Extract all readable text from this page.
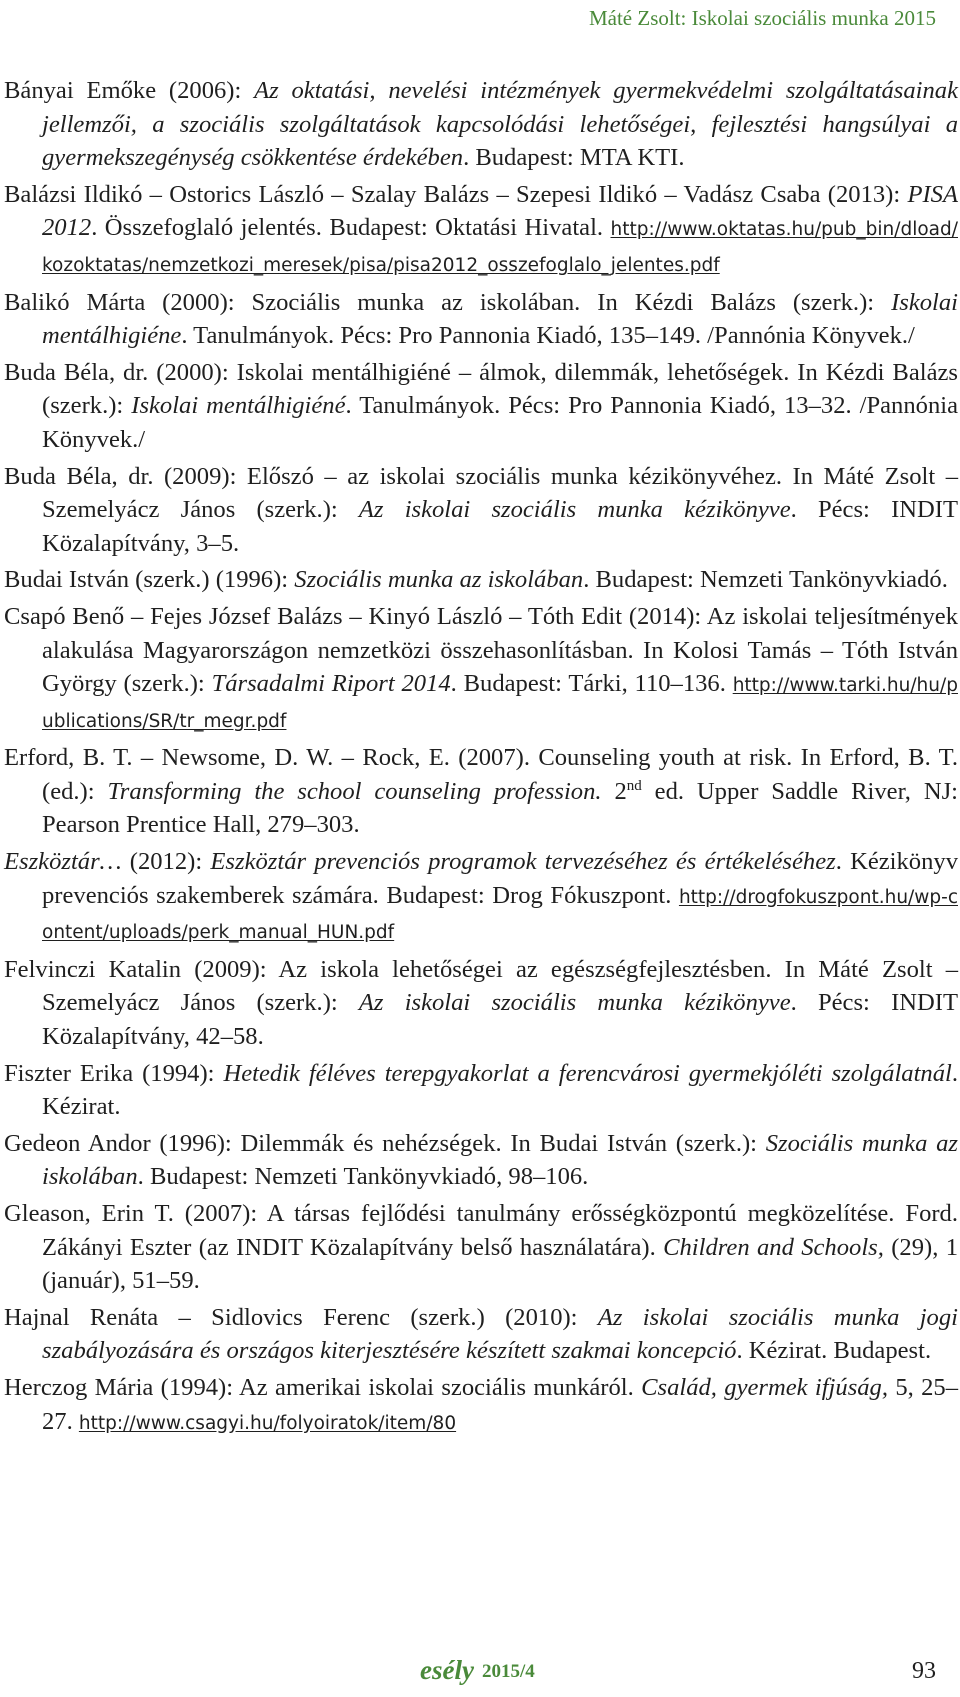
Máté Zsolt: Iskolai szociális munka 2015

Bányai Emőke (2006): Az oktatási, nevelési intézmények gyermekvédelmi szolgáltatásainak jellemzői, a szociális szolgáltatások kapcsolódási lehetőségei, fejlesztési hangsúlyai a gyermekszegénység csökkentése érdekében. Budapest: MTA KTI.

Balázsi Ildikó – Ostorics László – Szalay Balázs – Szepesi Ildikó – Vadász Csaba (2013): PISA 2012. Összefoglaló jelentés. Budapest: Oktatási Hivatal. http://www.oktatas.hu/pub_bin/dload/kozoktatas/nemzetkozi_meresek/pisa/pisa2012_osszefoglalo_jelentes.pdf

Balikó Márta (2000): Szociális munka az iskolában. In Kézdi Balázs (szerk.): Iskolai mentálhigiéne. Tanulmányok. Pécs: Pro Pannonia Kiadó, 135–149. /Pannónia Könyvek./

Buda Béla, dr. (2000): Iskolai mentálhigiéné – álmok, dilemmák, lehetőségek. In Kézdi Balázs (szerk.): Iskolai mentálhigiéné. Tanulmányok. Pécs: Pro Pannonia Kiadó, 13–32. /Pannónia Könyvek./

Buda Béla, dr. (2009): Előszó – az iskolai szociális munka kézikönyvéhez. In Máté Zsolt – Szemelyácz János (szerk.): Az iskolai szociális munka kézikönyve. Pécs: INDIT Közalapítvány, 3–5.

Budai István (szerk.) (1996): Szociális munka az iskolában. Budapest: Nemzeti Tankönyvkiadó.

Csapó Benő – Fejes József Balázs – Kinyó László – Tóth Edit (2014): Az iskolai teljesítmények alakulása Magyarországon nemzetközi összehasonlításban. In Kolosi Tamás – Tóth István György (szerk.): Társadalmi Riport 2014. Budapest: Tárki, 110–136. http://www.tarki.hu/hu/publications/SR/tr_megr.pdf

Erford, B. T. – Newsome, D. W. – Rock, E. (2007). Counseling youth at risk. In Erford, B. T. (ed.): Transforming the school counseling profession. 2nd ed. Upper Saddle River, NJ: Pearson Prentice Hall, 279–303.

Eszköztár… (2012): Eszköztár prevenciós programok tervezéséhez és értékeléséhez. Kézikönyv prevenciós szakemberek számára. Budapest: Drog Fókuszpont. http://drogfokuszpont.hu/wp-content/uploads/perk_manual_HUN.pdf

Felvinczi Katalin (2009): Az iskola lehetőségei az egészségfejlesztésben. In Máté Zsolt – Szemelyácz János (szerk.): Az iskolai szociális munka kézikönyve. Pécs: INDIT Közalapítvány, 42–58.

Fiszter Erika (1994): Hetedik féléves terepgyakorlat a ferencvárosi gyermekjóléti szolgálatnál. Kézirat.

Gedeon Andor (1996): Dilemmák és nehézségek. In Budai István (szerk.): Szociális munka az iskolában. Budapest: Nemzeti Tankönyvkiadó, 98–106.

Gleason, Erin T. (2007): A társas fejlődési tanulmány erősségközpontú megközelítése. Ford. Zákányi Eszter (az INDIT Közalapítvány belső használatára). Children and Schools, (29), 1 (január), 51–59.

Hajnal Renáta – Sidlovics Ferenc (szerk.) (2010): Az iskolai szociális munka jogi szabályozására és országos kiterjesztésére készített szakmai koncepció. Kézirat. Budapest.

Herczog Mária (1994): Az amerikai iskolai szociális munkáról. Család, gyermek ifjúság, 5, 25–27. http://www.csagyi.hu/folyoiratok/item/80

esély 2015/4	93
